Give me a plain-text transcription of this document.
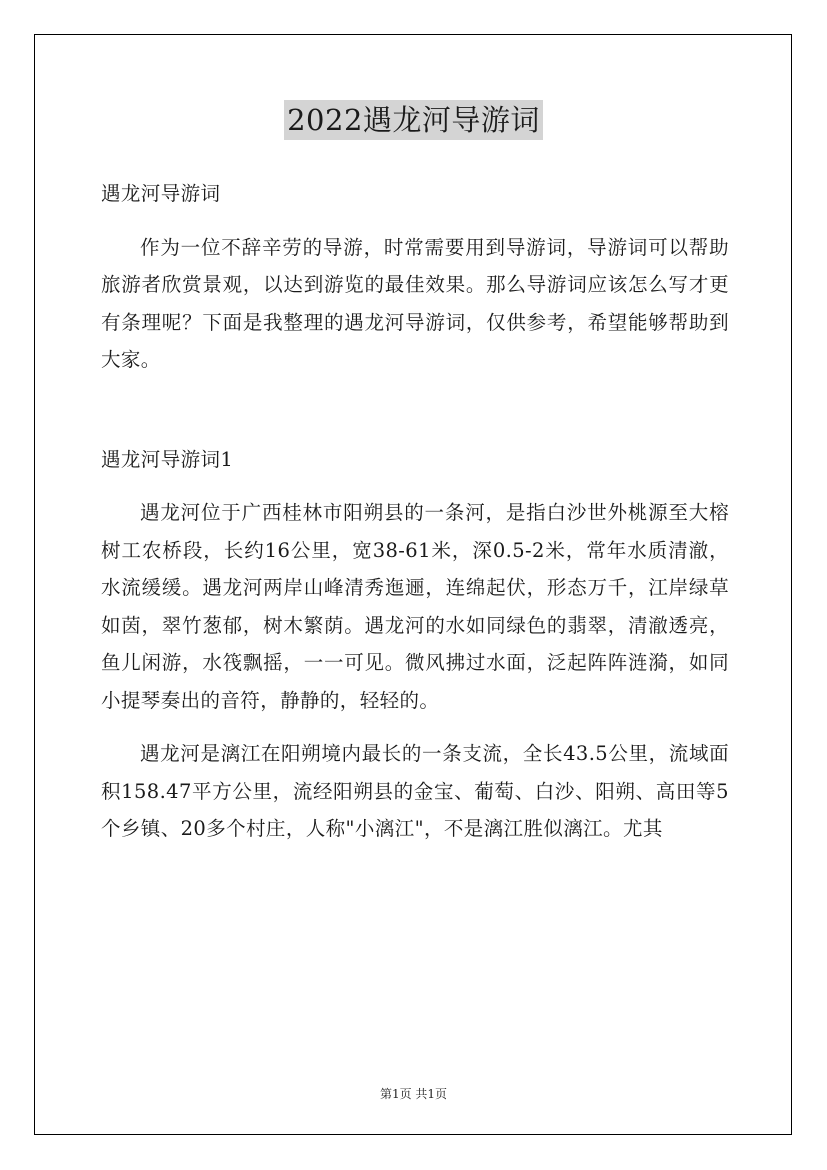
2022遇龙河导游词

遇龙河导游词

作为一位不辞辛劳的导游，时常需要用到导游词，导游词可以帮助旅游者欣赏景观，以达到游览的最佳效果。那么导游词应该怎么写才更有条理呢？下面是我整理的遇龙河导游词，仅供参考，希望能够帮助到大家。

遇龙河导游词1

遇龙河位于广西桂林市阳朔县的一条河，是指白沙世外桃源至大榕树工农桥段，长约16公里，宽38-61米，深0.5-2米，常年水质清澈，水流缓缓。遇龙河两岸山峰清秀迤逦，连绵起伏，形态万千，江岸绿草如茵，翠竹葱郁，树木繁荫。遇龙河的水如同绿色的翡翠，清澈透亮，鱼儿闲游，水筏飘摇，一一可见。微风拂过水面，泛起阵阵涟漪，如同小提琴奏出的音符，静静的，轻轻的。

遇龙河是漓江在阳朔境内最长的一条支流，全长43.5公里，流域面积158.47平方公里，流经阳朔县的金宝、葡萄、白沙、阳朔、高田等5个乡镇、20多个村庄，人称"小漓江"，不是漓江胜似漓江。尤其

第1页 共1页
